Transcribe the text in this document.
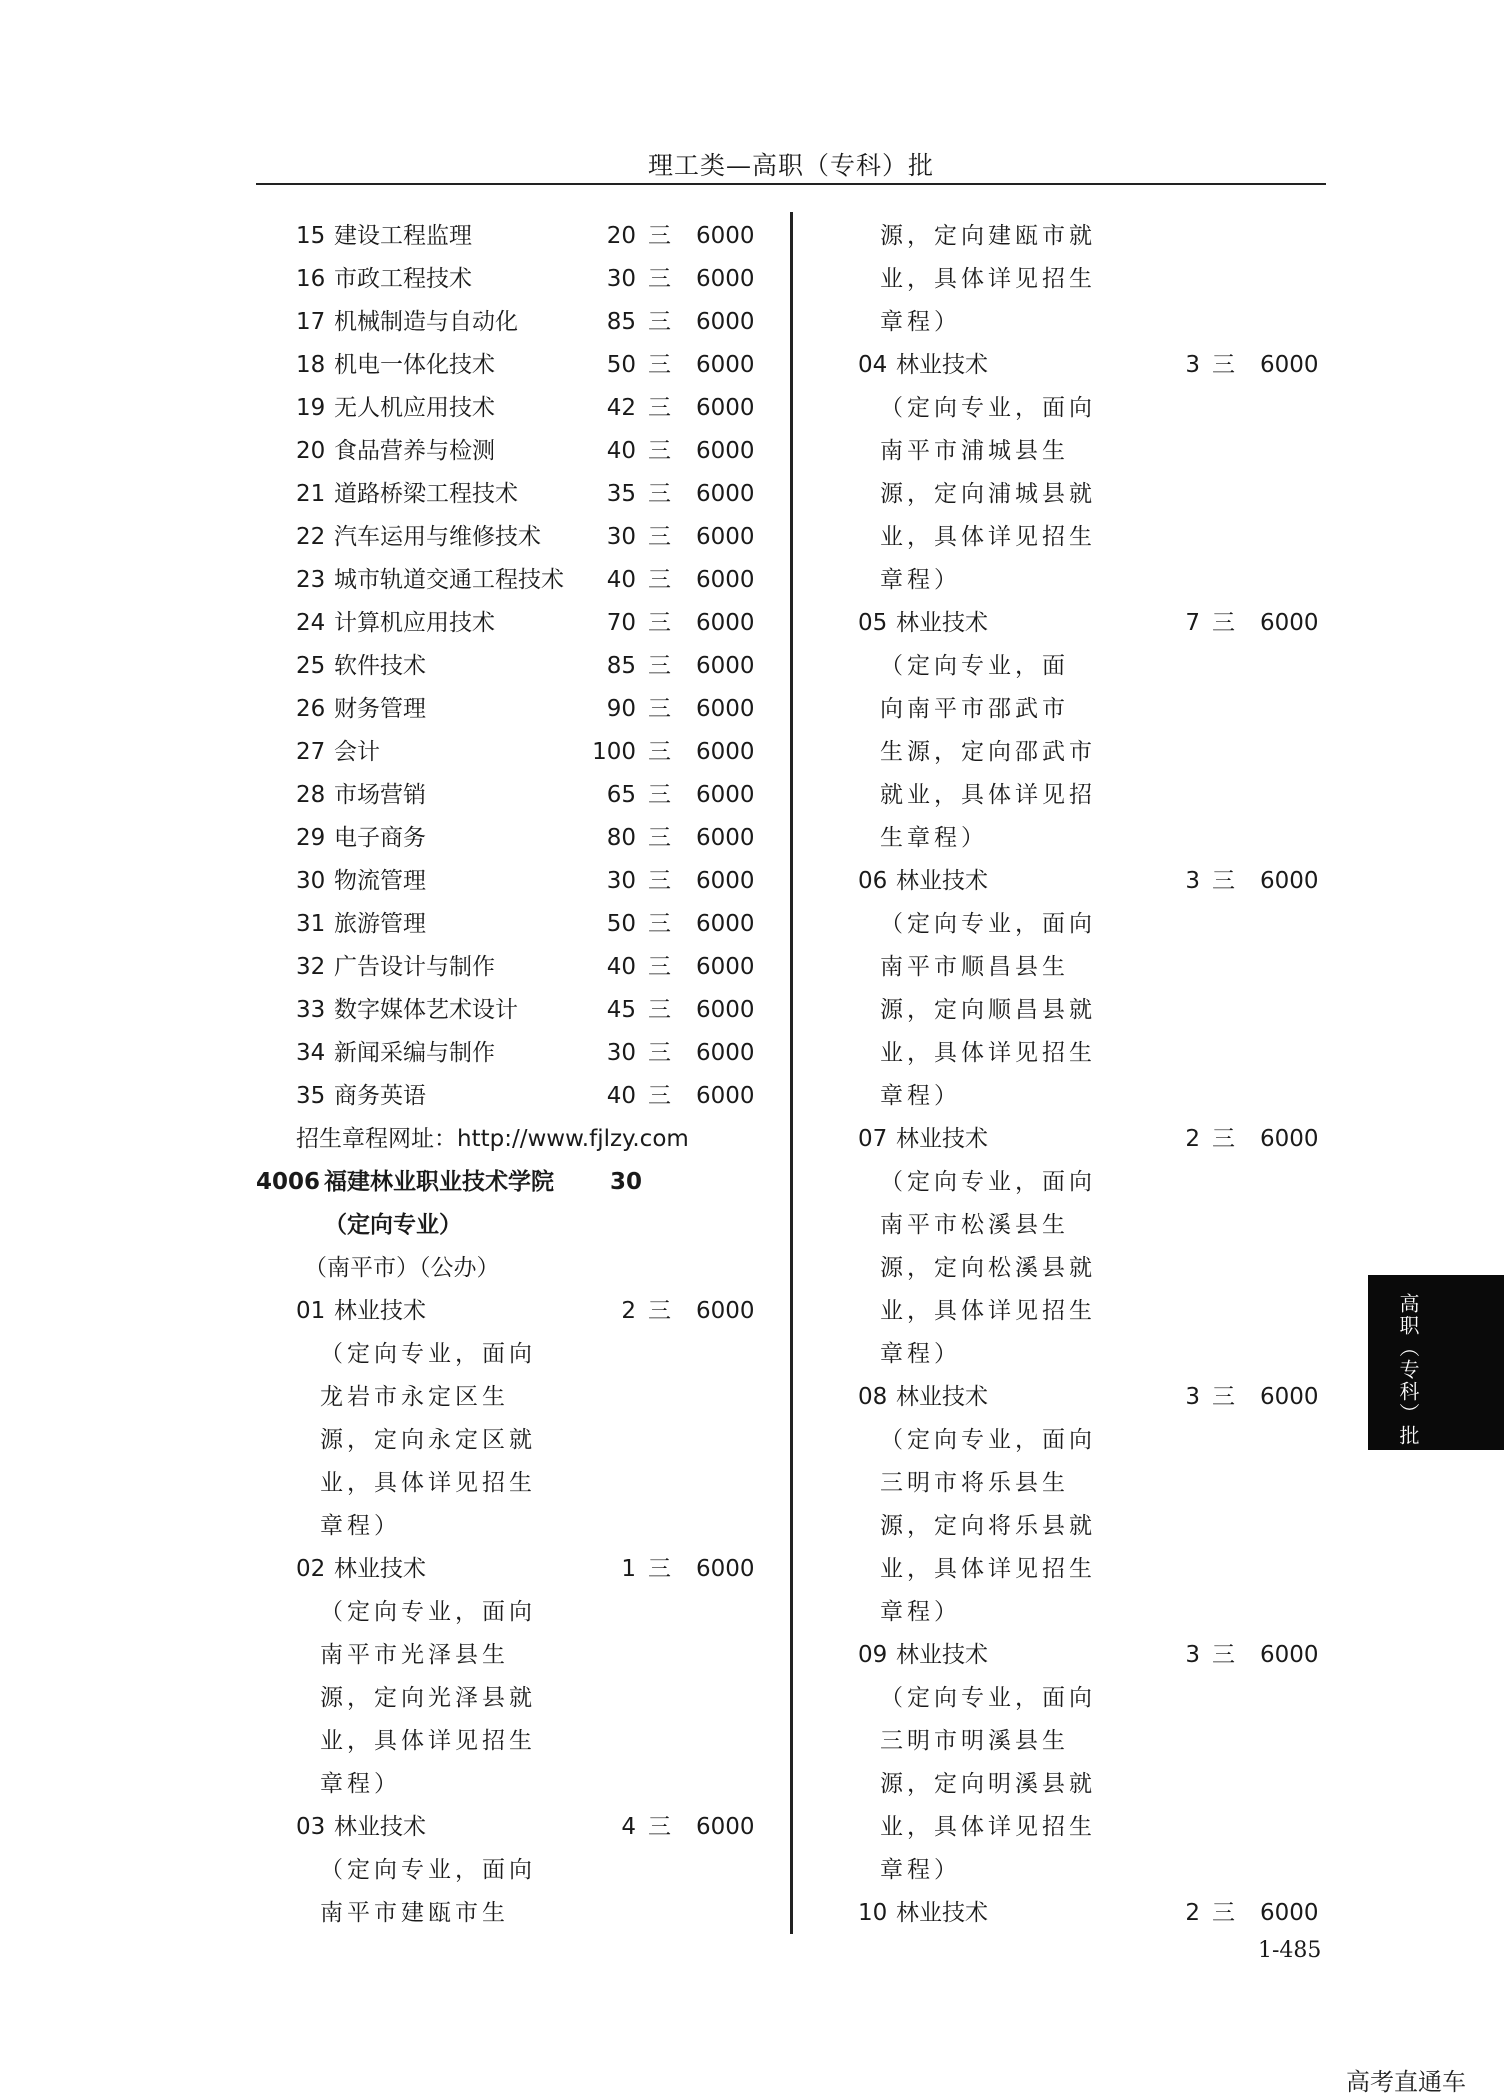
理工类—高职（专科）批
15 建设工程监理	20 三 6000
16 市政工程技术	30 三 6000
17 机械制造与自动化	85 三 6000
18 机电一体化技术	50 三 6000
19 无人机应用技术	42 三 6000
20 食品营养与检测	40 三 6000
21 道路桥梁工程技术	35 三 6000
22 汽车运用与维修技术	30 三 6000
23 城市轨道交通工程技术	40 三 6000
24 计算机应用技术	70 三 6000
25 软件技术	85 三 6000
26 财务管理	90 三 6000
27 会计	100 三 6000
28 市场营销	65 三 6000
29 电子商务	80 三 6000
30 物流管理	30 三 6000
31 旅游管理	50 三 6000
32 广告设计与制作	40 三 6000
33 数字媒体艺术设计	45 三 6000
34 新闻采编与制作	30 三 6000
35 商务英语	40 三 6000
招生章程网址：http://www.fjlzy.com
4006 福建林业职业技术学院 30
（定向专业）
（南平市）（公办）
01 林业技术	2 三 6000
（定向专业，面向
龙岩市永定区生
源，定向永定区就
业，具体详见招生
章程）
02 林业技术	1 三 6000
（定向专业，面向
南平市光泽县生
源，定向光泽县就
业，具体详见招生
章程）
03 林业技术	4 三 6000
（定向专业，面向
南平市建瓯市生
源，定向建瓯市就
业，具体详见招生
章程）
04 林业技术	3 三 6000
（定向专业，面向
南平市浦城县生
源，定向浦城县就
业，具体详见招生
章程）
05 林业技术	7 三 6000
（定向专业，面
向南平市邵武市
生源，定向邵武市
就业，具体详见招
生章程）
06 林业技术	3 三 6000
（定向专业，面向
南平市顺昌县生
源，定向顺昌县就
业，具体详见招生
章程）
07 林业技术	2 三 6000
（定向专业，面向
南平市松溪县生
源，定向松溪县就
业，具体详见招生
章程）
08 林业技术	3 三 6000
（定向专业，面向
三明市将乐县生
源，定向将乐县就
业，具体详见招生
章程）
09 林业技术	3 三 6000
（定向专业，面向
三明市明溪县生
源，定向明溪县就
业，具体详见招生
章程）
10 林业技术	2 三 6000
高职（专科）批
1-485
高考直通车
